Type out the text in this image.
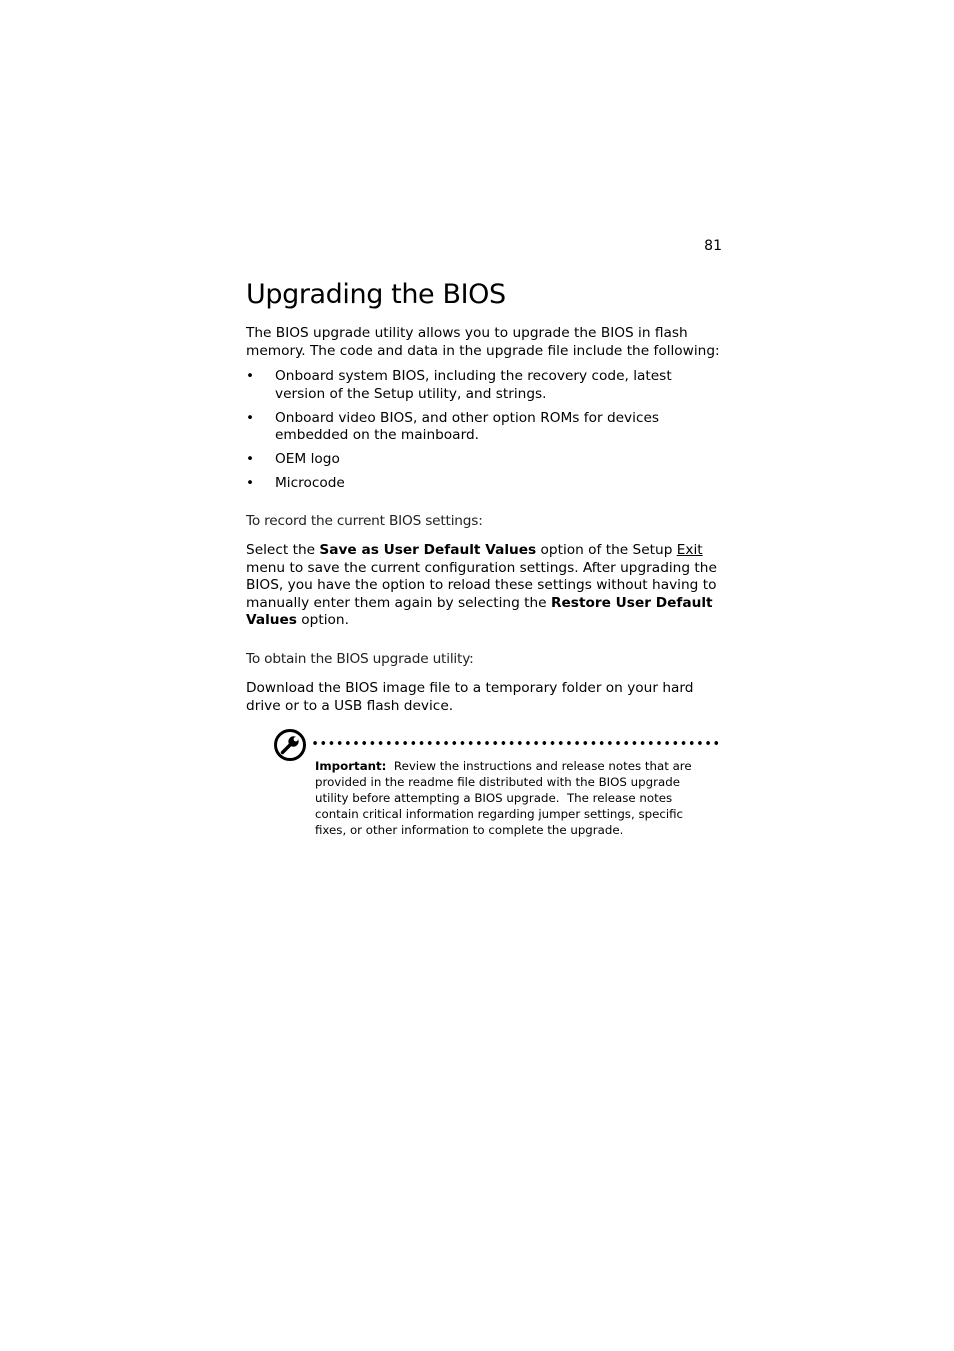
81
Upgrading the BIOS

The BIOS upgrade utility allows you to upgrade the BIOS in flash memory. The code and data in the upgrade file include the following:

• Onboard system BIOS, including the recovery code, latest version of the Setup utility, and strings.
• Onboard video BIOS, and other option ROMs for devices embedded on the mainboard.
• OEM logo
• Microcode
To record the current BIOS settings:

Select the Save as User Default Values option of the Setup Exit menu to save the current configuration settings. After upgrading the BIOS, you have the option to reload these settings without having to manually enter them again by selecting the Restore User Default Values option.

To obtain the BIOS upgrade utility:

Download the BIOS image file to a temporary folder on your hard drive or to a USB flash device.

Important:  Review the instructions and release notes that are provided in the readme file distributed with the BIOS upgrade utility before attempting a BIOS upgrade.  The release notes contain critical information regarding jumper settings, specific fixes, or other information to complete the upgrade.
